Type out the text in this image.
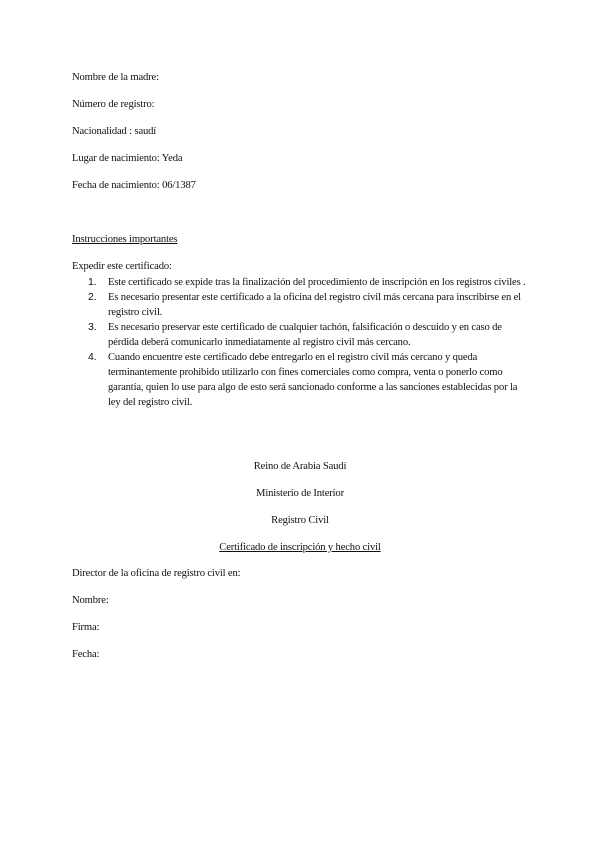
Nombre de la madre:
Número de registro:
Nacionalidad : saudí
Lugar de nacimiento: Yeda
Fecha de nacimiento: 06/1387
Instrucciones importantes
Expedir este certificado:
1. Este certificado se expide tras la finalización del procedimiento de inscripción en los registros civiles .
2. Es necesario presentar este certificado a la oficina del registro civil más cercana para inscribirse en el registro civil.
3. Es necesario preservar este certificado de cualquier tachón, falsificación o descuido y en caso de pérdida deberá comunicarlo inmediatamente al registro civil más cercano.
4. Cuando encuentre este certificado debe entregarlo en el registro civil más cercano y queda terminantemente prohibido utilizarlo con fines comerciales como compra, venta o ponerlo como garantía, quien lo use para algo de esto será sancionado conforme a las sanciones establecidas por la ley del registro civil.
Reino de Arabia Saudí
Ministerio de Interior
Registro Civil
Certificado de inscripción y hecho civil
Director de la oficina de registro civil en:
Nombre:
Firma:
Fecha:
